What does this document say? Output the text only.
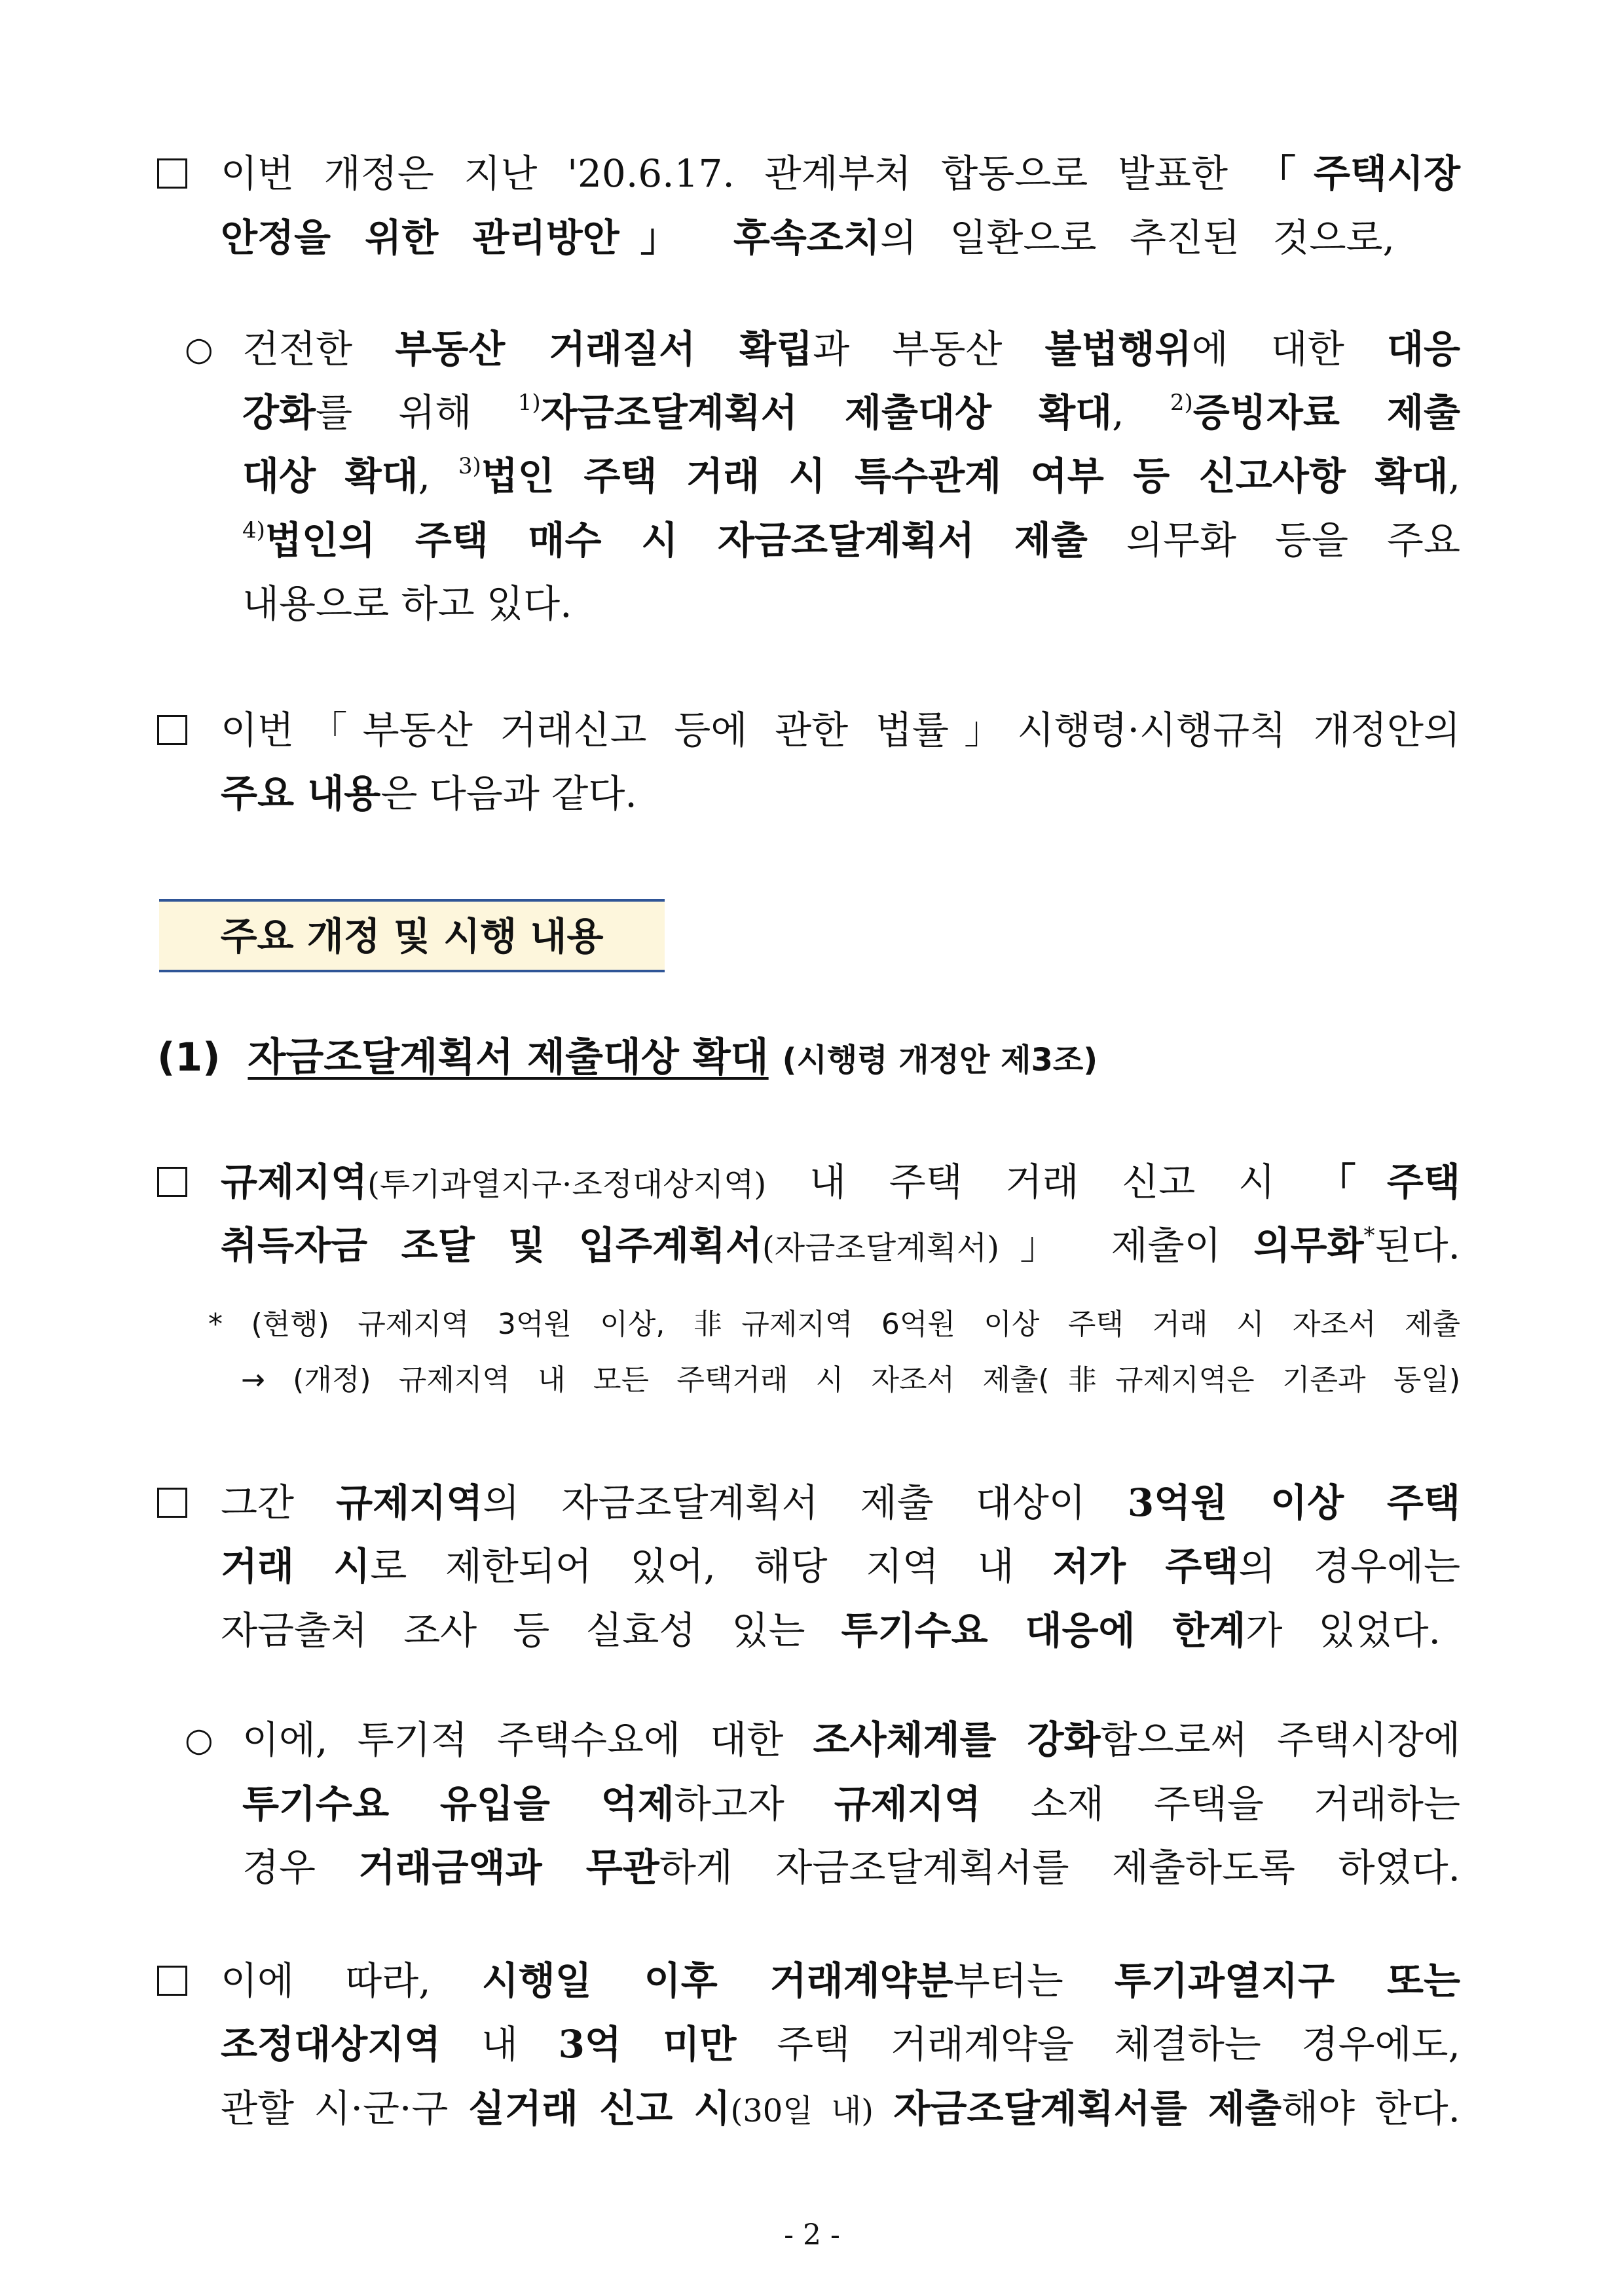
이번 개정은 지난 '20.6.17. 관계부처 합동으로 발표한 「주택시장
안정을 위한 관리방안」 후속조치의 일환으로 추진된 것으로,
○ 건전한 부동산 거래질서 확립과 부동산 불법행위에 대한 대응
강화를 위해 $^{1)}$자금조달계획서 제출대상 확대, $^{2)}$증빙자료 제출
대상 확대, $^{3)}$법인 주택 거래 시 특수관계 여부 등 신고사항 확대,
$^{4)}$법인의 주택 매수 시 자금조달계획서 제출 의무화 등을 주요
내용으로 하고 있다.
이번「부동산 거래신고 등에 관한 법률」시행령·시행규칙 개정안의
주요 내용은 다음과 같다.
주요 개정 및 시행 내용
(1) 자금조달계획서 제출대상 확대 (시행령 개정안 제3조)
규제지역(투기과열지구·조정대상지역) 내 주택 거래 신고 시 「주택
취득자금 조달 및 입주계획서(자금조달계획서)」 제출이 의무화*된다.
* (현행) 규제지역 3억원 이상, 非규제지역 6억원 이상 주택 거래 시 자조서 제출
→ (개정) 규제지역 내 모든 주택거래 시 자조서 제출(非규제지역은 기존과 동일)
그간 규제지역의 자금조달계획서 제출 대상이 3억원 이상 주택
거래 시로 제한되어 있어, 해당 지역 내 저가 주택의 경우에는
자금출처 조사 등 실효성 있는 투기수요 대응에 한계가 있었다.
○ 이에, 투기적 주택수요에 대한 조사체계를 강화함으로써 주택시장에
투기수요 유입을 억제하고자 규제지역 소재 주택을 거래하는
경우 거래금액과 무관하게 자금조달계획서를 제출하도록 하였다.
이에 따라, 시행일 이후 거래계약분부터는 투기과열지구 또는
조정대상지역 내 3억 미만 주택 거래계약을 체결하는 경우에도,
관할 시·군·구 실거래 신고 시(30일 내) 자금조달계획서를 제출해야 한다.
- 2 -
